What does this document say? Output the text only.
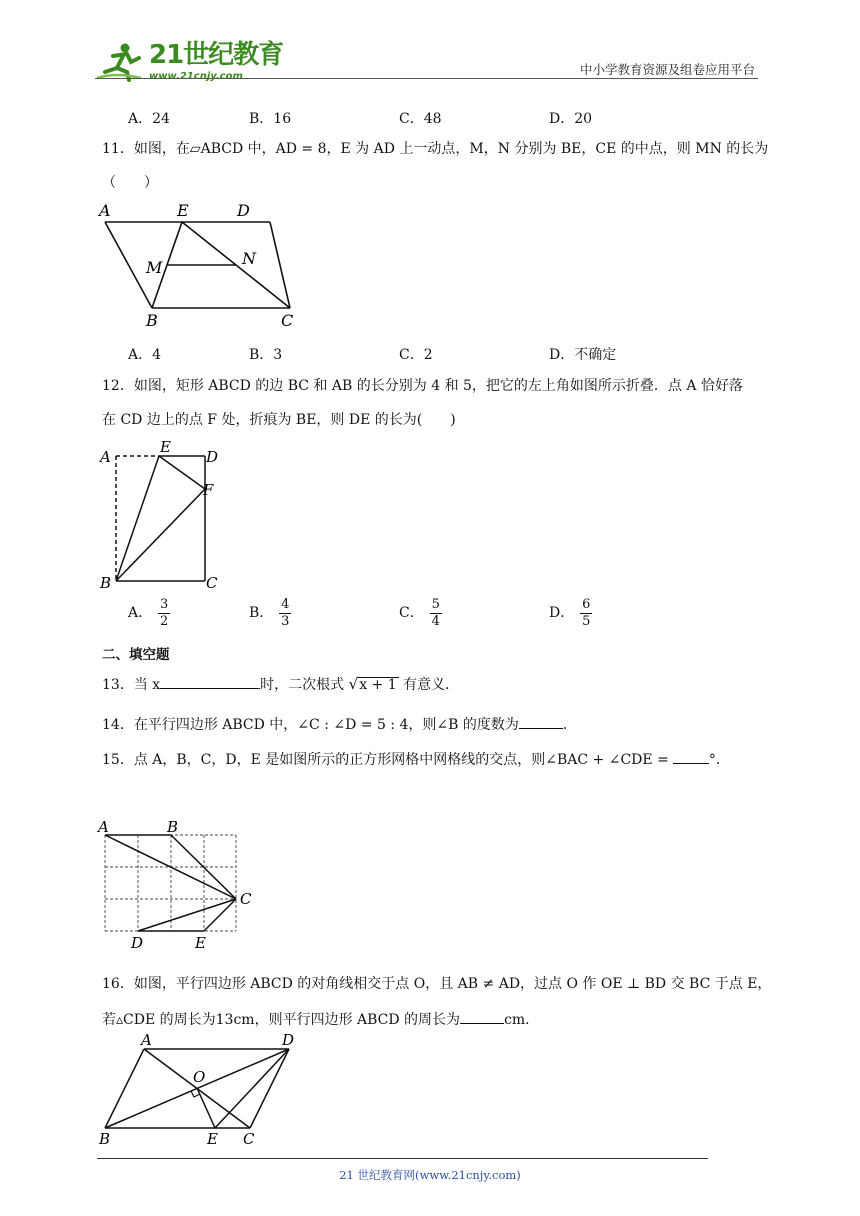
21世纪教育
www.21cnjy.com	中小学教育资源及组卷应用平台
A．24	B．16	C．48	D．20
11．如图，在▱ABCD 中，AD = 8，E 为 AD 上一动点，M，N 分别为 BE，CE 的中点，则 MN 的长为
（　　）
A	E	D
M	N
B	C
A．4	B．3	C．2	D．不确定
12．如图，矩形 ABCD 的边 BC 和 AB 的长分别为 4 和 5，把它的左上角如图所示折叠．点 A 恰好落
在 CD 边上的点 F 处，折痕为 BE，则 DE 的长为(　　)
A
E
D
F
B	C
A． $\frac{3}{2}$	B． $\frac{4}{3}$	C． $\frac{5}{4}$	D． $\frac{6}{5}$
二、填空题
13．当 x	时，二次根式 √x + 1 有意义．
14．在平行四边形 ABCD 中，∠C : ∠D = 5 : 4，则∠B 的度数为	．
15．点 A，B，C，D，E 是如图所示的正方形网格中网格线的交点，则∠BAC + ∠CDE =	°．
A	B
C
D	E
16．如图，平行四边形 ABCD 的对角线相交于点 O，且 AB ≠ AD，过点 O 作 OE ⊥ BD 交 BC 于点 E，
若▵CDE 的周长为13cm，则平行四边形 ABCD 的周长为	cm．
A	D
O
B	E C
21 世纪教育网(www.21cnjy.com)
